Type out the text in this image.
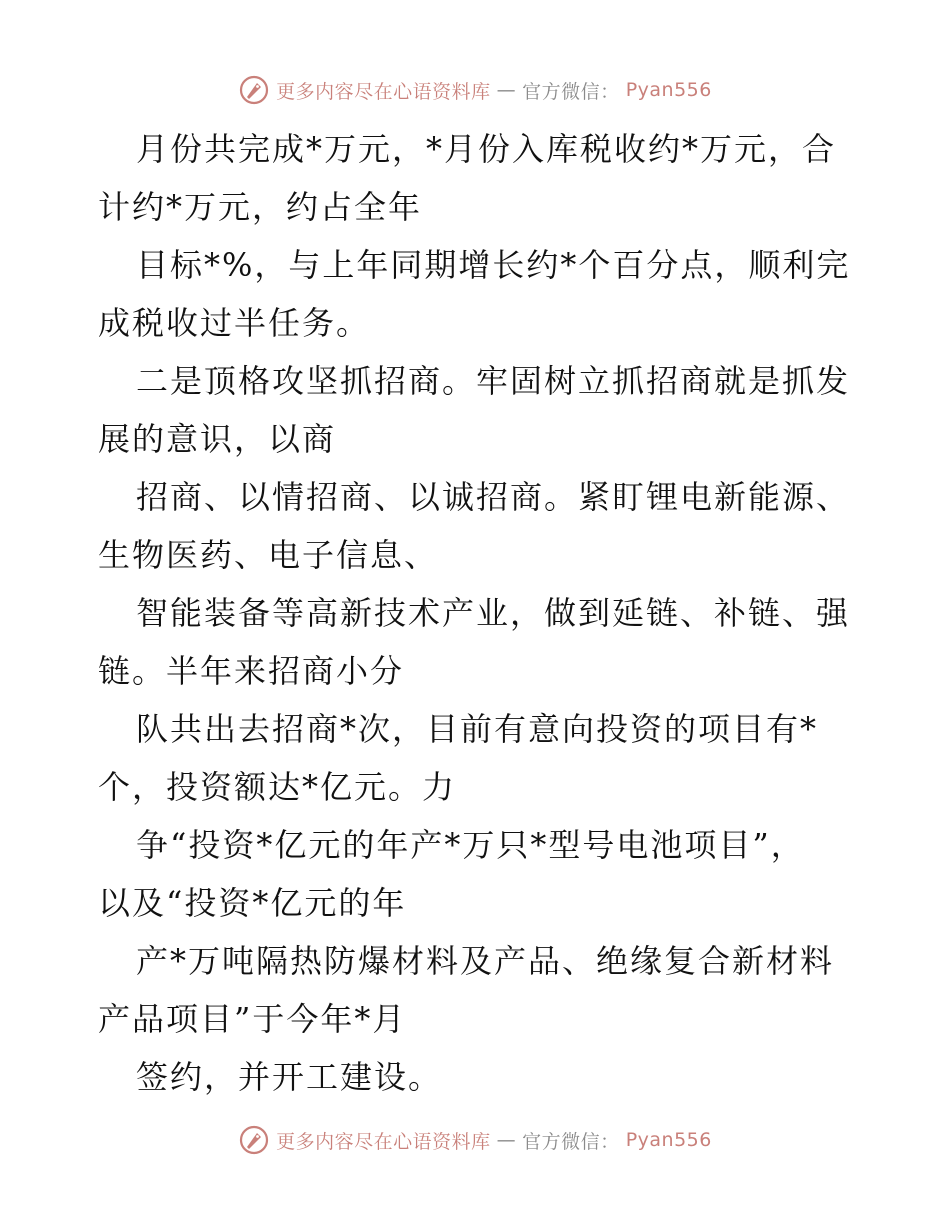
更多内容尽在心语资料库 — 官方微信： Pyan556

月份共完成*万元，*月份入库税收约*万元，合
计约*万元，约占全年

目标*%，与上年同期增长约*个百分点，顺利完
成税收过半任务。

二是顶格攻坚抓招商。牢固树立抓招商就是抓发
展的意识，以商

招商、以情招商、以诚招商。紧盯锂电新能源、
生物医药、电子信息、

智能装备等高新技术产业，做到延链、补链、强
链。半年来招商小分

队共出去招商*次，目前有意向投资的项目有*
个，投资额达*亿元。力

争“投资*亿元的年产*万只*型号电池项目”，
以及“投资*亿元的年

产*万吨隔热防爆材料及产品、绝缘复合新材料
产品项目”于今年*月

签约，并开工建设。

更多内容尽在心语资料库 — 官方微信： Pyan556
